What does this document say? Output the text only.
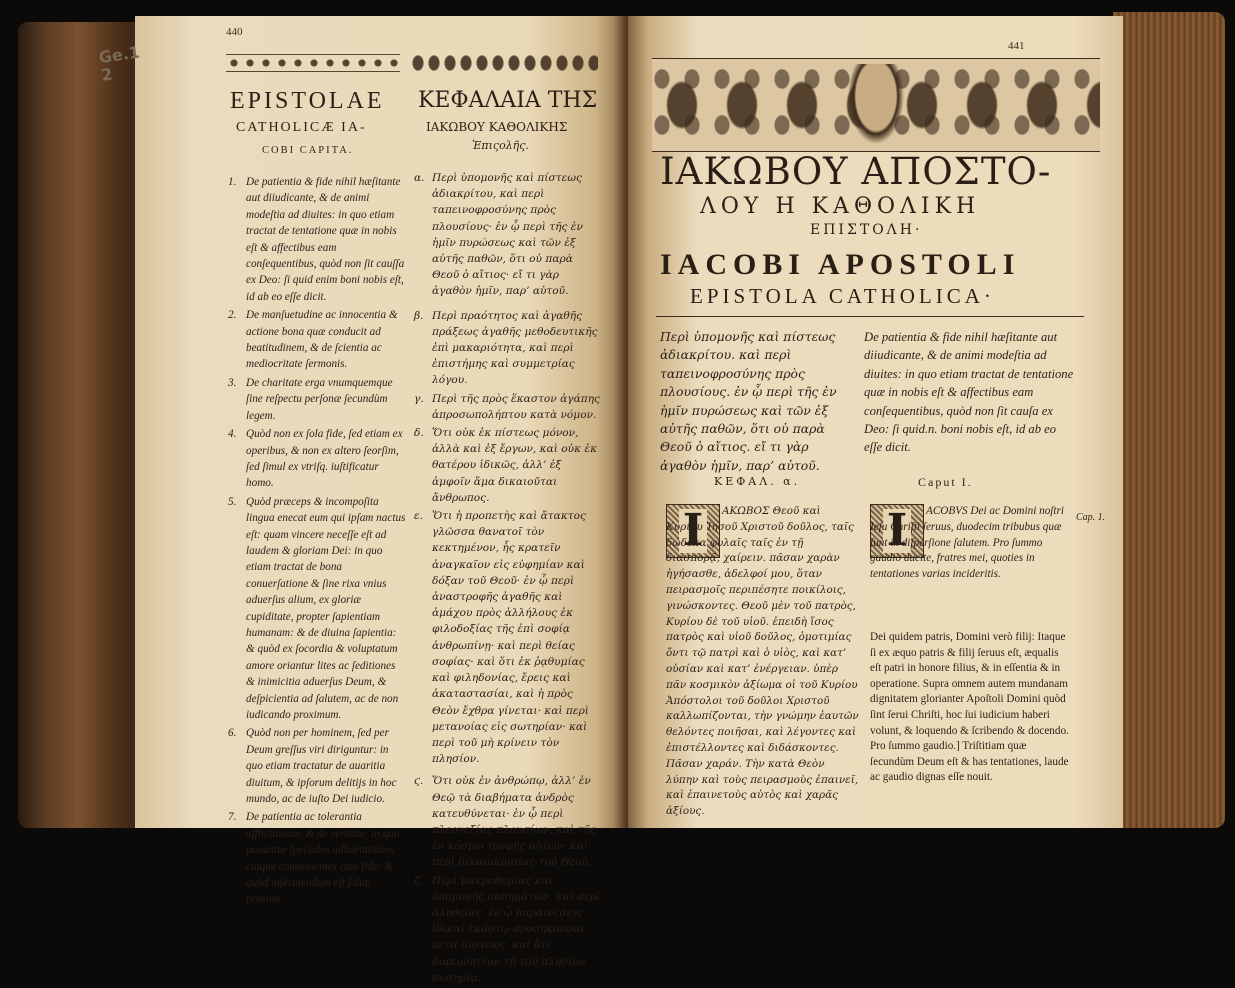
Ge.1 2
440
EPISTOLAE
CATHOLICÆ IA-
COBI CAPITA.
ΚΕΦΑΛΑΙΑ ΤΗΣ
ΙΑΚΩΒΟΥ ΚΑΘΟΛΙΚΗΣ
Ἐπιςολῆς.
1. De patientia & fide nihil hæſitante aut diiudicante, & de animi modeſtia ad diuites: in quo etiam tractat de tentatione quæ in nobis eſt & affectibus eam conſequentibus, quòd non ſit cauſſa ex Deo: ſi quid enim boni nobis eſt, id ab eo eſſe dicit.
2. De manſuetudine ac innocentia & actione bona quæ conducit ad beatitudinem, & de ſcientia ac mediocritate ſermonis.
3. De charitate erga vnumquemque ſine reſpectu perſonæ ſecundùm legem.
4. Quòd non ex ſola fide, ſed etiam ex operibus, & non ex altero ſeorſim, ſed ſimul ex vtriſq. iuſtificatur homo.
5. Quòd præceps & incompoſita lingua enecat eum qui ipſam nactus eſt: quam vincere neceſſe eſt ad laudem & gloriam Dei: in quo etiam tractat de bona conuerſatione & ſine rixa vnius aduerſus alium, ex gloriæ cupiditate, propter ſapientiam humanam: & de diuina ſapientia: & quòd ex ſocordia & voluptatum amore oriantur lites ac ſeditiones & inimicitia aduerſus Deum, & deſpicientia ad ſalutem, ac de non iudicando proximum.
6. Quòd non per hominem, ſed per Deum greſſus viri diriguntur: in quo etiam tractatur de auaritia diuitum, & ipſorum delitijs in hoc mundo, ac de iuſto Dei iudicio.
7. De patientia ac tolerantia afflictionum, & de veritate: in quo ponuntur ſpeciales adhortationes cuique conuenientes cum fide: & quòd inſeruiendum eſt ſaluti proximi.
α. Περὶ ὑπομονῆς καὶ πίστεως ἀδιακρίτου, καὶ περὶ ταπεινοφροσύνης πρὸς πλουσίους· ἐν ᾧ περὶ τῆς ἐν ἡμῖν πυρώσεως καὶ τῶν ἐξ αὐτῆς παθῶν, ὅτι οὐ παρὰ Θεοῦ ὁ αἴτιος· εἴ τι γὰρ ἀγαθὸν ἡμῖν, παρ’ αὐτοῦ.
β. Περὶ πραότητος καὶ ἀγαθῆς πράξεως ἀγαθῆς μεθοδευτικῆς ἐπὶ μακαριότητα, καὶ περὶ ἐπιστήμης καὶ συμμετρίας λόγου.
γ. Περὶ τῆς πρὸς ἕκαστον ἀγάπης ἀπροσωπολήπτου κατὰ νόμον.
δ. Ὅτι οὐκ ἐκ πίστεως μόνον, ἀλλὰ καὶ ἐξ ἔργων, καὶ οὐκ ἐκ θατέρου ἰδικῶς, ἀλλ’ ἐξ ἀμφοῖν ἅμα δικαιοῦται ἄνθρωπος.
ε. Ὅτι ἡ προπετὴς καὶ ἄτακτος γλῶσσα θανατοῖ τὸν κεκτημένον, ἧς κρατεῖν ἀναγκαῖον εἰς εὐφημίαν καὶ δόξαν τοῦ Θεοῦ· ἐν ᾧ περὶ ἀναστροφῆς ἀγαθῆς καὶ ἀμάχου πρὸς ἀλλήλους ἐκ φιλοδοξίας τῆς ἐπὶ σοφίᾳ ἀνθρωπίνῃ· καὶ περὶ θείας σοφίας· καὶ ὅτι ἐκ ῥᾳθυμίας καὶ φιληδονίας, ἔρεις καὶ ἀκαταστασίαι, καὶ ἡ πρὸς Θεὸν ἔχθρα γίνεται· καὶ περὶ μετανοίας εἰς σωτηρίαν· καὶ περὶ τοῦ μὴ κρίνειν τὸν πλησίον.
ϛ. Ὅτι οὐκ ἐν ἀνθρώπῳ, ἀλλ’ ἐν Θεῷ τὰ διαβήματα ἀνδρὸς κατευθύνεται· ἐν ᾧ περὶ πλεονεξίας πλουσίων, καὶ τῆς ἐν κόσμῳ τρυφῆς αὐτῶν· καὶ περὶ δικαιοκρισίας τοῦ Θεοῦ.
ζ. Περὶ μακροθυμίας καὶ ὑπομονῆς παθημάτων, καὶ περὶ ἀληθείας· ἐν ᾧ παραινέσεις ἰδικαὶ ἑκάστῳ προσήκουσαι μετὰ πίστεως· καὶ ὅτι διακονητέον τῇ τοῦ πλησίον σωτηρίᾳ.
441
ΙΑΚΩΒΟΥ ΑΠΟΣΤΟ-
ΛΟΥ Η ΚΑΘΟΛΙΚΗ
ΕΠΙΣΤΟΛΗ·
IACOBI APOSTOLI
EPISTOLA CATHOLICA·
Περὶ ὑπομονῆς καὶ πίστεως ἀδιακρίτου. καὶ περὶ ταπεινοφροσύνης πρὸς πλουσίους. ἐν ᾧ περὶ τῆς ἐν ἡμῖν πυρώσεως καὶ τῶν ἐξ αὐτῆς παθῶν, ὅτι οὐ παρὰ Θεοῦ ὁ αἴτιος. εἴ τι γὰρ ἀγαθὸν ἡμῖν, παρ’ αὐτοῦ.
De patientia & fide nihil hæſitante aut diiudicante, & de animi modeſtia ad diuites: in quo etiam tractat de tentatione quæ in nobis eſt & affectibus eam conſequentibus, quòd non ſit cauſa ex Deo: ſi quid.n. boni nobis eſt, id ab eo eſſe dicit.
ΚΕΦΑΛ. α.	Caput I.
Ι	I
ΑΚΩΒΟΣ Θεοῦ καὶ Κυρίου Ἰησοῦ Χριστοῦ δοῦλος, ταῖς δώδεκα φυλαῖς ταῖς ἐν τῇ διασπορᾷ, χαίρειν. πᾶσαν χαρὰν ἡγήσασθε, ἀδελφοί μου, ὅταν πειρασμοῖς περιπέσητε ποικίλοις, γινώσκοντες. Θεοῦ μὲν τοῦ πατρὸς, Κυρίου δὲ τοῦ υἱοῦ. ἐπειδὴ ἴσος πατρὸς καὶ υἱοῦ δοῦλος, ὁμοτιμίας ὄντι τῷ πατρὶ καὶ ὁ υἱὸς, καὶ κατ’ οὐσίαν καὶ κατ’ ἐνέργειαν. ὑπὲρ πᾶν κοσμικὸν ἀξίωμα οἱ τοῦ Κυρίου Ἀπόστολοι τοῦ δοῦλοι Χριστοῦ καλλωπίζονται, τὴν γνώμην ἑαυτῶν θελόντες ποιῆσαι, καὶ λέγοντες καὶ ἐπιστέλλοντες καὶ διδάσκοντες. Πᾶσαν χαράν. Τὴν κατὰ Θεὸν λύπην καὶ τοὺς πειρασμοὺς ἐπαινεῖ, καὶ ἐπαινετοὺς αὐτὸς καὶ χαρᾶς ἀξίους.
ACOBVS Dei ac Domini noſtri Ieſu Chriſti ſeruus, duodecim tribubus quæ ſunt in diſperſione ſalutem. Pro ſummo gaudio ducite, fratres mei, quoties in tentationes varias incideritis.
Dei quidem patris, Domini verò filij: Itaque ſi ex æquo patris & filij ſeruus eſt, æqualis eſt patri in honore filius, & in eſſentia & in operatione. Supra omnem autem mundanam dignitatem glorianter Apoſtoli Domini quòd ſint ſerui Chriſti, hoc ſui iudicium haberi volunt, & loquendo & ſcribendo & docendo. Pro ſummo gaudio.] Triſtitiam quæ ſecundùm Deum eſt & has tentationes, laude ac gaudio dignas eſſe nouit.
Cap. 1.
